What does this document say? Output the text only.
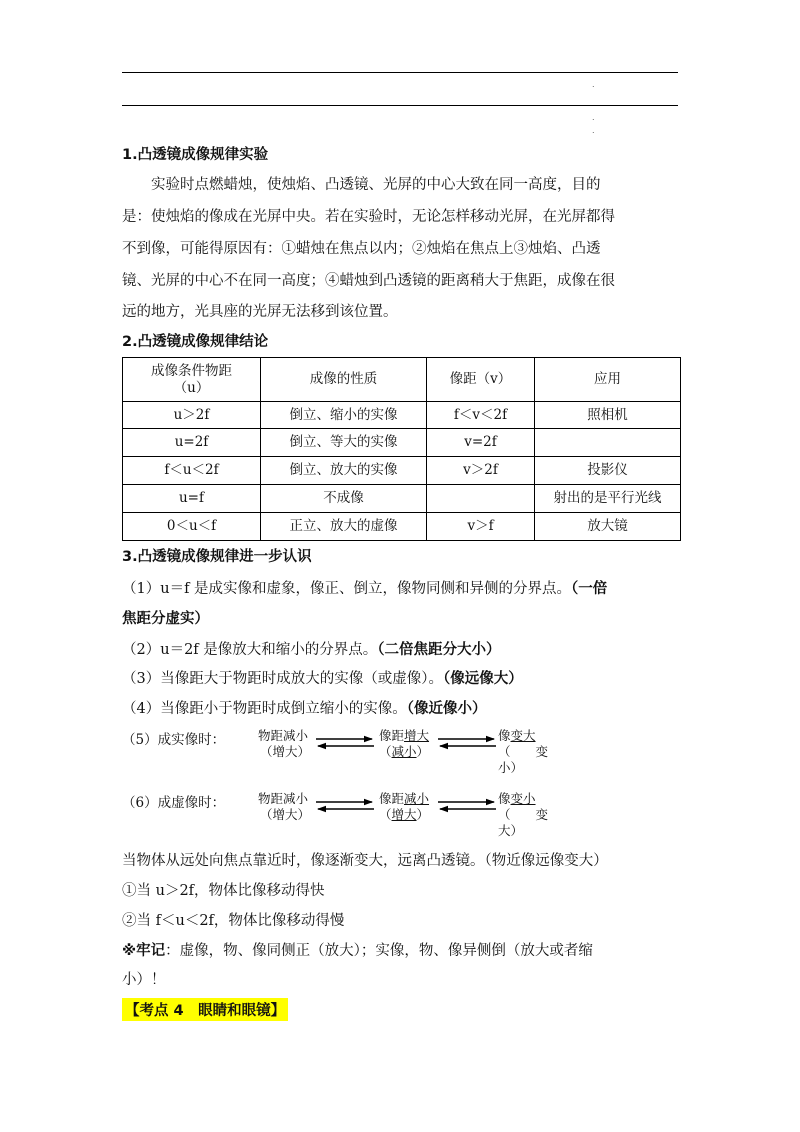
.
.
.
1.凸透镜成像规律实验
实验时点燃蜡烛，使烛焰、凸透镜、光屏的中心大致在同一高度，目的
是：使烛焰的像成在光屏中央。若在实验时，无论怎样移动光屏，在光屏都得
不到像，可能得原因有：①蜡烛在焦点以内；②烛焰在焦点上③烛焰、凸透
镜、光屏的中心不在同一高度；④蜡烛到凸透镜的距离稍大于焦距，成像在很
远的地方，光具座的光屏无法移到该位置。
2.凸透镜成像规律结论
成像条件物距
（u）	成像的性质	像距（v）	应用
u＞2f	倒立、缩小的实像	f＜v＜2f	照相机
u=2f	倒立、等大的实像	v=2f	
f＜u＜2f	倒立、放大的实像	v＞2f	投影仪
u=f	不成像		射出的是平行光线
0＜u＜f	正立、放大的虚像	v＞f	放大镜
3.凸透镜成像规律进一步认识
（1）u＝f 是成实像和虚象，像正、倒立，像物同侧和异侧的分界点。（一倍
焦距分虚实）
（2）u＝2f 是像放大和缩小的分界点。（二倍焦距分大小）
（3）当像距大于物距时成放大的实像（或虚像）。（像远像大）
（4）当像距小于物距时成倒立缩小的实像。（像近像小）
（5）成实像时：	物距减小
（增大）
像距增大
（减小）
像变大
（　　变
小）
（6）成虚像时：	物距减小
（增大）
像距减小
（增大）
像变小
（　　变
大）
当物体从远处向焦点靠近时，像逐渐变大，远离凸透镜。（物近像远像变大）
①当 u＞2f，物体比像移动得快
②当 f＜u＜2f，物体比像移动得慢
※牢记：虚像，物、像同侧正（放大）；实像，物、像异侧倒（放大或者缩
小）！
【考点 4　眼睛和眼镜】
